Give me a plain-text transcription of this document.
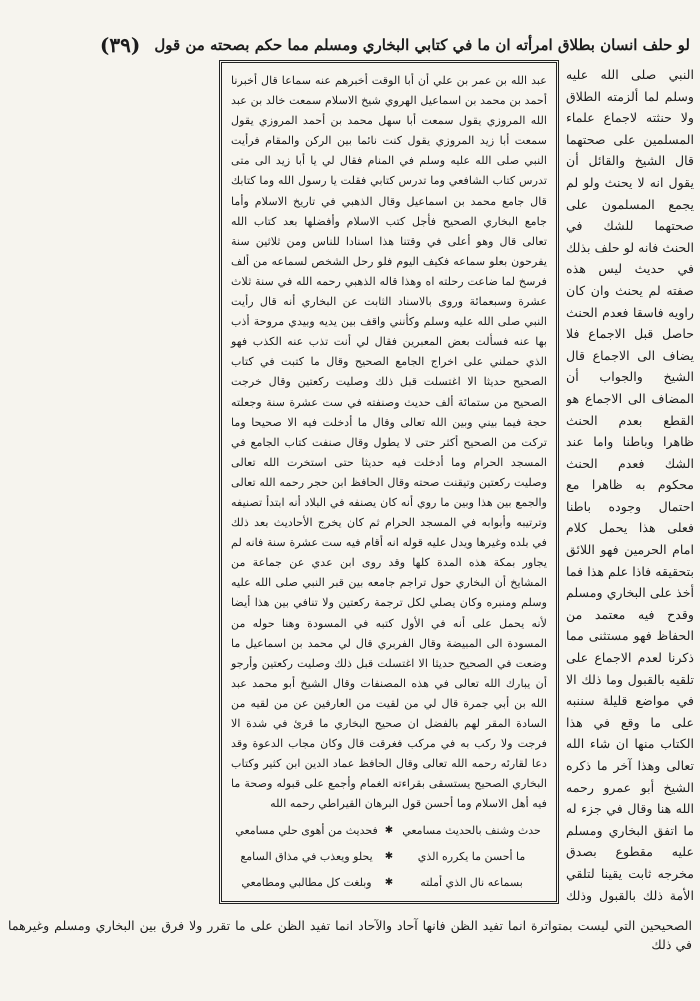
لو حلف انسان بطلاق امرأته ان ما في كتابي البخاري ومسلم مما حكم بصحته من قول
(٣٩)
النبي صلى الله عليه وسلم لما ألزمته الطلاق ولا حنثته لاجماع علماء المسلمين على صحتهما قال الشيخ والقائل أن يقول انه لا يحنث ولو لم يجمع المسلمون على صحتهما للشك في الحنث فانه لو حلف بذلك في حديث ليس هذه صفته لم يحنث وان كان راويه فاسقا فعدم الحنث حاصل قبل الاجماع فلا يضاف الى الاجماع قال الشيخ والجواب أن المضاف الى الاجماع هو القطع بعدم الحنث ظاهرا وباطنا واما عند الشك فعدم الحنث محكوم به ظاهرا مع احتمال وجوده باطنا فعلى هذا يحمل كلام امام الحرمين فهو اللائق بتحقيقه فاذا علم هذا فما أخذ على البخاري ومسلم وقدح فيه معتمد من الحفاظ فهو مستثنى مما ذكرنا لعدم الاجماع على تلقيه بالقبول وما ذلك الا في مواضع قليلة سننبه على ما وقع في هذا الكتاب منها ان شاء الله تعالى وهذا آخر ما ذكره الشيخ أبو عمرو رحمه الله هنا وقال في جزء له ما اتفق البخاري ومسلم عليه مقطوع بصدق مخرجه ثابت يقينا لتلقي الأمة ذلك بالقبول وذلك

عبد الله بن عمر بن علي أن أبا الوقت أخبرهم عنه سماعا قال أخبرنا أحمد بن محمد بن اسماعيل الهروي شيخ الاسلام سمعت خالد بن عبد الله المروزي يقول سمعت أبا سهل محمد بن أحمد المروزي يقول سمعت أبا زيد المروزي يقول كنت نائما بين الركن والمقام فرأيت النبي صلى الله عليه وسلم في المنام فقال لي يا أبا زيد الى متى تدرس كتاب الشافعي وما تدرس كتابي فقلت يا رسول الله وما كتابك قال جامع محمد بن اسماعيل وقال الذهبي في تاريخ الاسلام وأما جامع البخاري الصحيح فأجل كتب الاسلام وأفضلها بعد كتاب الله تعالى قال وهو أعلى في وقتنا هذا اسنادا للناس ومن ثلاثين سنة يفرحون بعلو سماعه فكيف اليوم فلو رحل الشخص لسماعه من ألف فرسخ لما ضاعت رحلته اه وهذا قاله الذهبي رحمه الله في سنة ثلاث عشرة وسبعمائة وروى بالاسناد الثابت عن البخاري أنه قال رأيت النبي صلى الله عليه وسلم وكأنني واقف بين يديه وبيدي مروحة أذب بها عنه فسألت بعض المعبرين فقال لي أنت تذب عنه الكذب فهو الذي حملني على اخراج الجامع الصحيح وقال ما كتبت في كتاب الصحيح حديثا الا اغتسلت قبل ذلك وصليت ركعتين وقال خرجت الصحيح من ستمائة ألف حديث وصنفته في ست عشرة سنة وجعلته حجة فيما بيني وبين الله تعالى وقال ما أدخلت فيه الا صحيحا وما تركت من الصحيح أكثر حتى لا يطول وقال صنفت كتاب الجامع في المسجد الحرام وما أدخلت فيه حديثا حتى استخرت الله تعالى وصليت ركعتين وتيقنت صحته وقال الحافظ ابن حجر رحمه الله تعالى والجمع بين هذا وبين ما روي أنه كان يصنفه في البلاد أنه ابتدأ تصنيفه وترتيبه وأبوابه في المسجد الحرام ثم كان يخرج الأحاديث بعد ذلك في بلده وغيرها ويدل عليه قوله انه أقام فيه ست عشرة سنة فانه لم يجاور بمكة هذه المدة كلها وقد روى ابن عدي عن جماعة من المشايخ أن البخاري حول تراجم جامعه بين قبر النبي صلى الله عليه وسلم ومنبره وكان يصلي لكل ترجمة ركعتين ولا تنافي بين هذا أيضا لأنه يحمل على أنه في الأول كتبه في المسودة وهنا حوله من المسودة الى المبيضة وقال الفربري قال لي محمد بن اسماعيل ما وضعت في الصحيح حديثا الا اغتسلت قبل ذلك وصليت ركعتين وأرجو أن يبارك الله تعالى في هذه المصنفات وقال الشيخ أبو محمد عبد الله بن أبي جمرة قال لي من لقيت من العارفين عن من لقيه من السادة المقر لهم بالفضل ان صحيح البخاري ما قرئ في شدة الا فرجت ولا ركب به في مركب فغرقت قال وكان مجاب الدعوة وقد دعا لقارئه رحمه الله تعالى وقال الحافظ عماد الدين ابن كثير وكتاب البخاري الصحيح يستسقى بقراءته الغمام وأجمع على قبوله وصحة ما فيه أهل الاسلام وما أحسن قول البرهان القيراطي رحمه الله

حدث وشنف بالحديث مسامعي
✱
فحديث من أهوى حلي مسامعي
ما أحسن ما يكرره الذي
✱
يحلو ويعذب في مذاق السامع
بسماعه نال الذي أملته
✱
وبلغت كل مطالبي ومطامعي
الصحيحين التي ليست بمتواترة انما تفيد الظن فانها آحاد والآحاد انما تفيد الظن على ما تقرر ولا فرق بين البخاري ومسلم وغيرهما في ذلك
